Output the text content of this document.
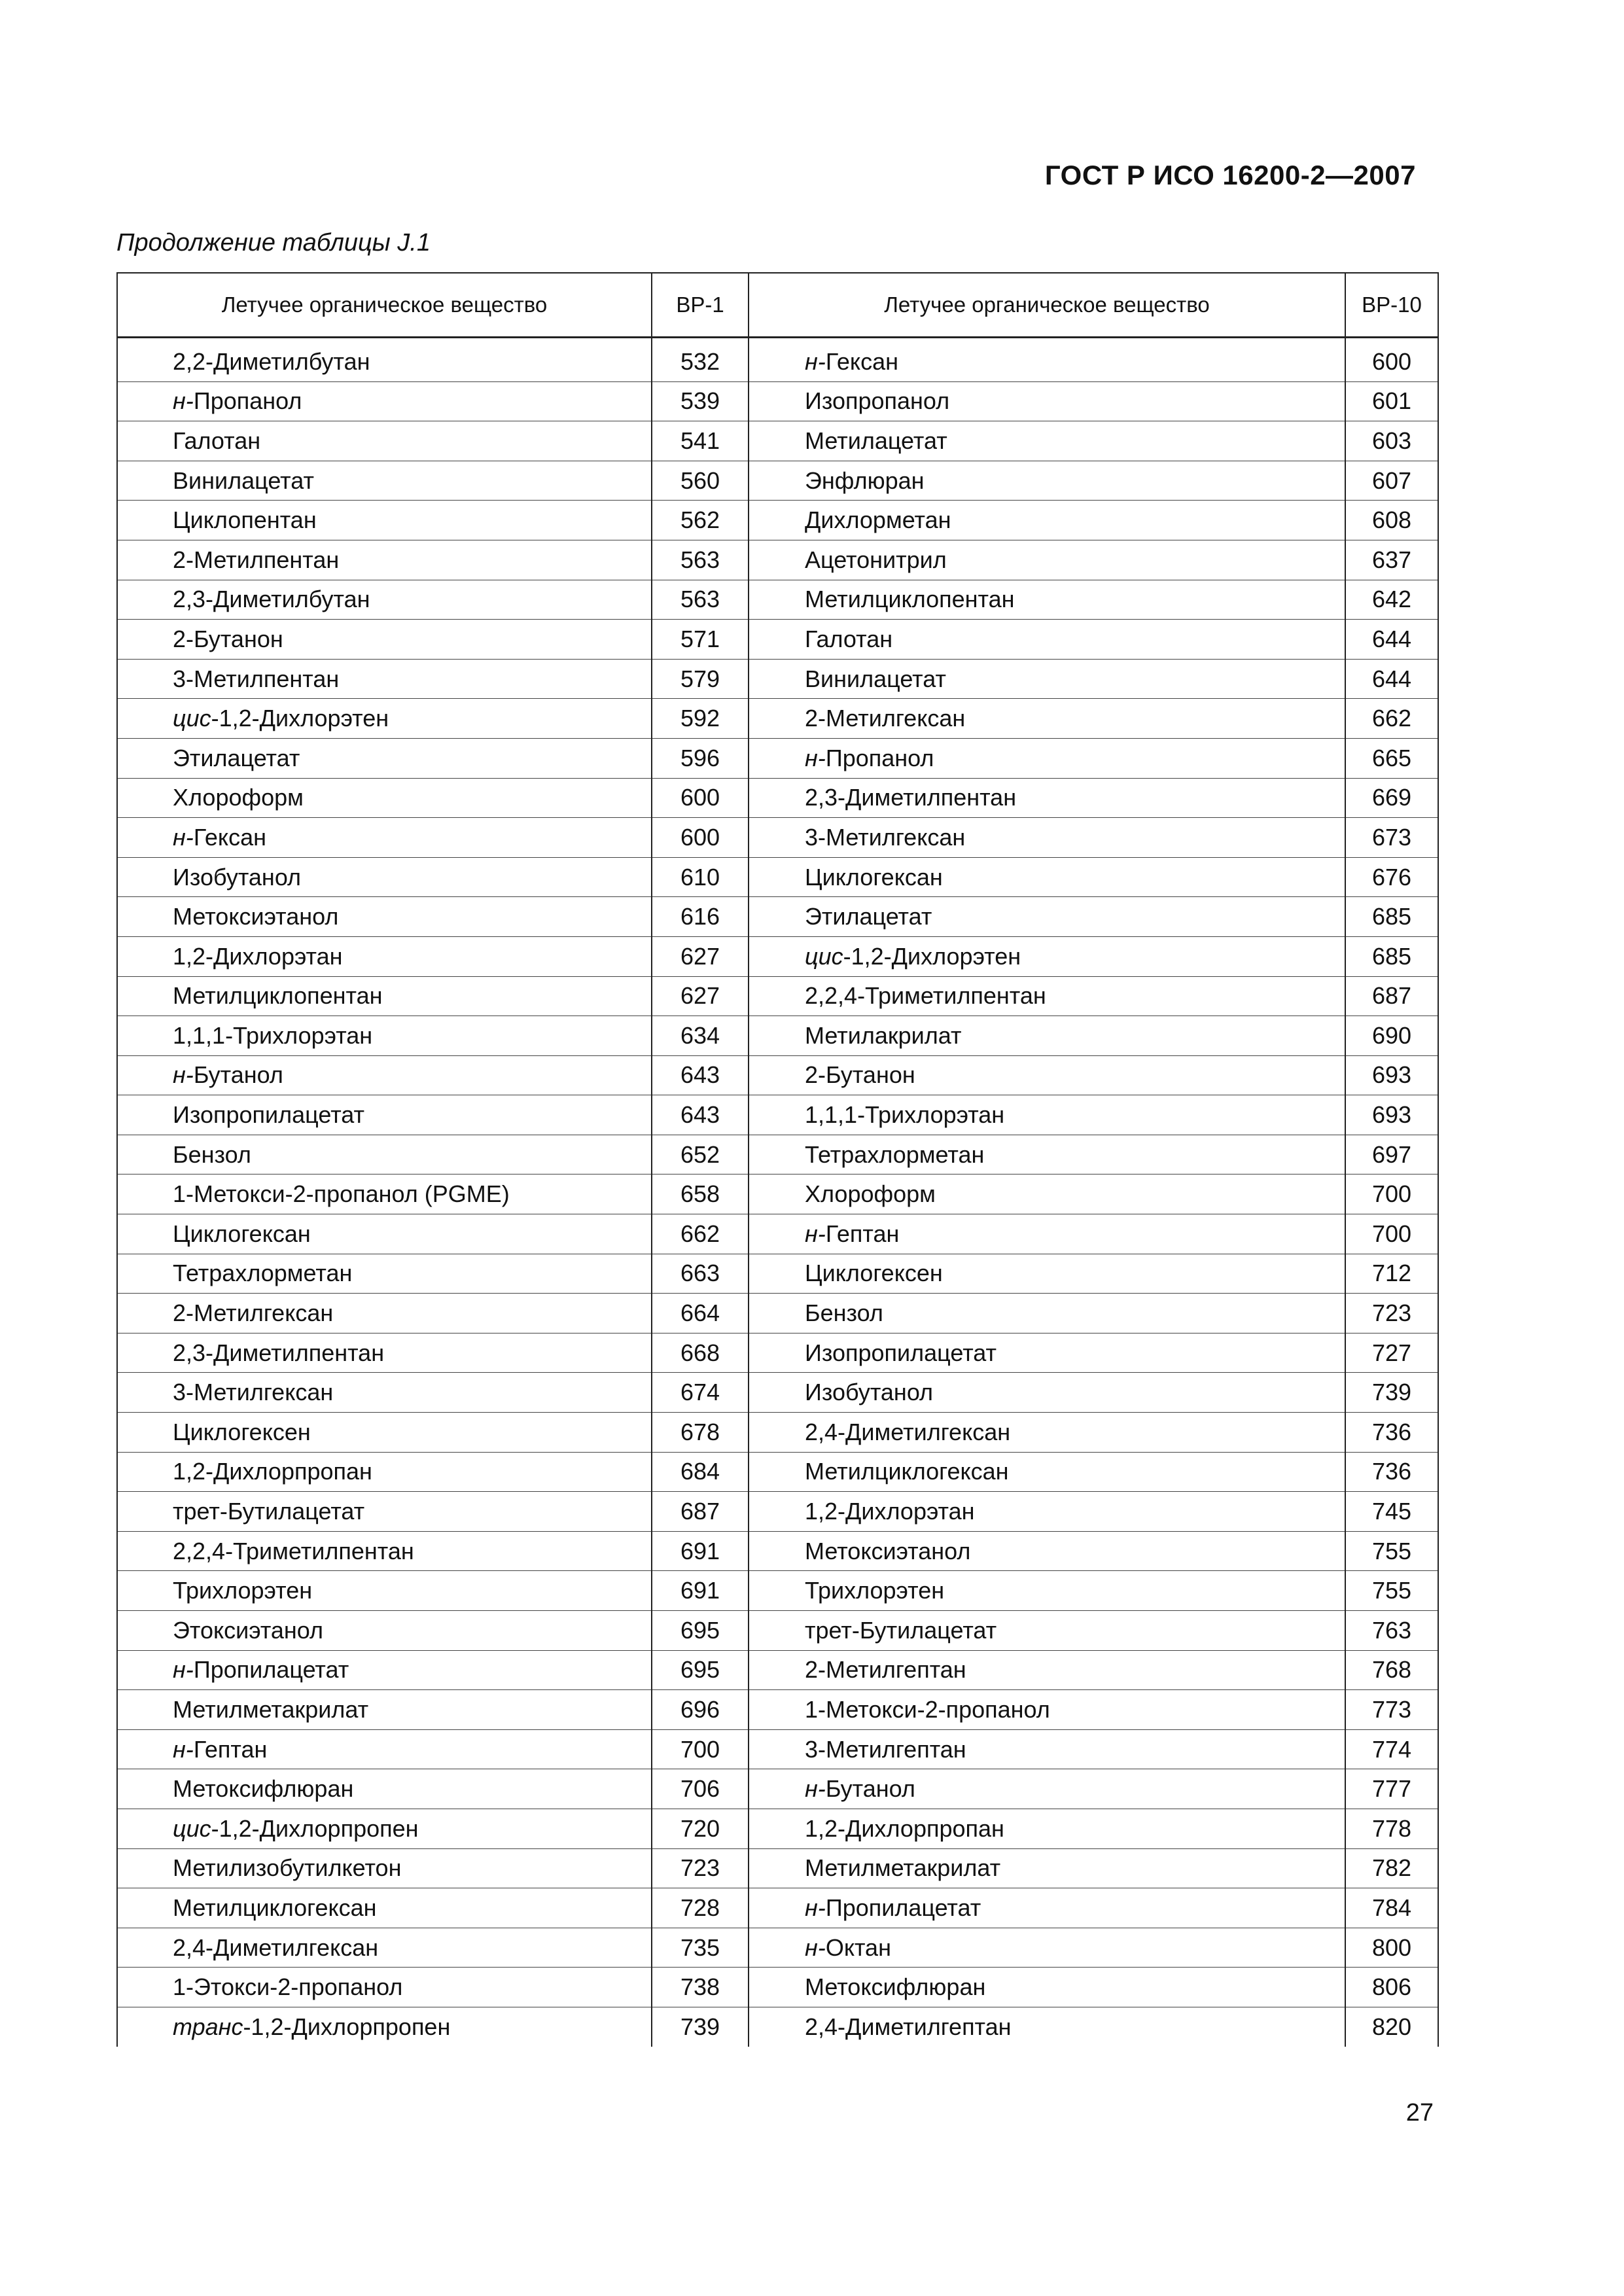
ГОСТ Р ИСО 16200-2—2007
Продолжение таблицы J.1
Летучее органическое вещество	BP-1	Летучее органическое вещество	BP-10
2,2-Диметилбутан	532	н-Гексан	600
н-Пропанол	539	Изопропанол	601
Галотан	541	Метилацетат	603
Винилацетат	560	Энфлюран	607
Циклопентан	562	Дихлорметан	608
2-Метилпентан	563	Ацетонитрил	637
2,3-Диметилбутан	563	Метилциклопентан	642
2-Бутанон	571	Галотан	644
3-Метилпентан	579	Винилацетат	644
цис-1,2-Дихлорэтен	592	2-Метилгексан	662
Этилацетат	596	н-Пропанол	665
Хлороформ	600	2,3-Диметилпентан	669
н-Гексан	600	3-Метилгексан	673
Изобутанол	610	Циклогексан	676
Метоксиэтанол	616	Этилацетат	685
1,2-Дихлорэтан	627	цис-1,2-Дихлорэтен	685
Метилциклопентан	627	2,2,4-Триметилпентан	687
1,1,1-Трихлорэтан	634	Метилакрилат	690
н-Бутанол	643	2-Бутанон	693
Изопропилацетат	643	1,1,1-Трихлорэтан	693
Бензол	652	Тетрахлорметан	697
1-Метокси-2-пропанол (PGME)	658	Хлороформ	700
Циклогексан	662	н-Гептан	700
Тетрахлорметан	663	Циклогексен	712
2-Метилгексан	664	Бензол	723
2,3-Диметилпентан	668	Изопропилацетат	727
3-Метилгексан	674	Изобутанол	739
Циклогексен	678	2,4-Диметилгексан	736
1,2-Дихлорпропан	684	Метилциклогексан	736
трет-Бутилацетат	687	1,2-Дихлорэтан	745
2,2,4-Триметилпентан	691	Метоксиэтанол	755
Трихлорэтен	691	Трихлорэтен	755
Этоксиэтанол	695	трет-Бутилацетат	763
н-Пропилацетат	695	2-Метилгептан	768
Метилметакрилат	696	1-Метокси-2-пропанол	773
н-Гептан	700	3-Метилгептан	774
Метоксифлюран	706	н-Бутанол	777
цис-1,2-Дихлорпропен	720	1,2-Дихлорпропан	778
Метилизобутилкетон	723	Метилметакрилат	782
Метилциклогексан	728	н-Пропилацетат	784
2,4-Диметилгексан	735	н-Октан	800
1-Этокси-2-пропанол	738	Метоксифлюран	806
транс-1,2-Дихлорпропен	739	2,4-Диметилгептан	820
27
